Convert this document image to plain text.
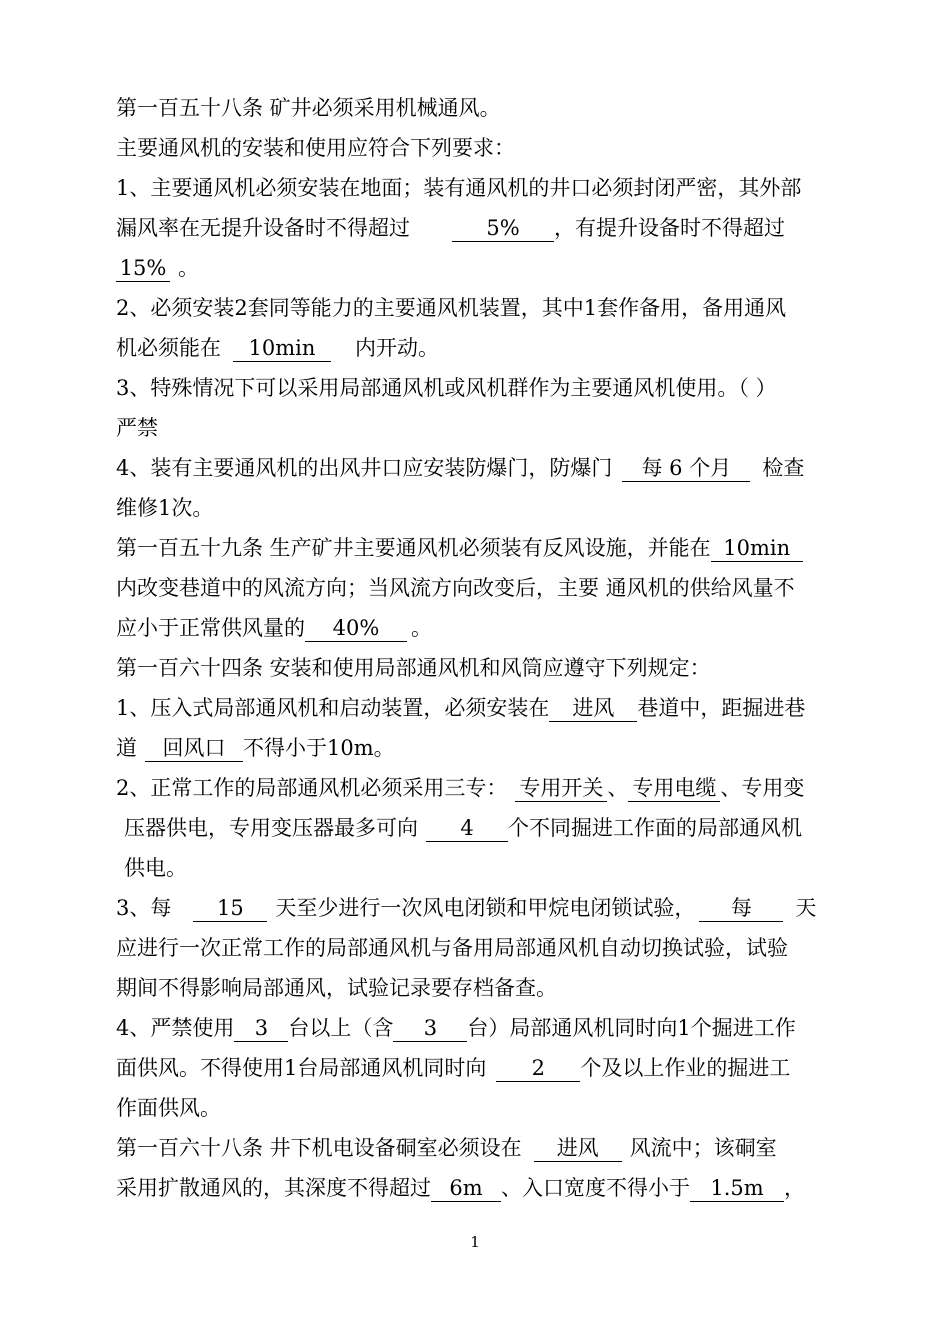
第一百五十八条 矿井必须采用机械通风。
主要通风机的安装和使用应符合下列要求：
1、主要通风机必须安装在地面；装有通风机的井口必须封闭严密，其外部
漏风率在无提升设备时不得超过	5% ，有提升设备时不得超过
15% 。
2、必须安装2套同等能力的主要通风机装置，其中1套作备用，备用通风
机必须能在 10min 内开动。
3、特殊情况下可以采用局部通风机或风机群作为主要通风机使用。（ ）
严禁
4、装有主要通风机的出风井口应安装防爆门，防爆门 每 6 个月 检查
维修1次。
第一百五十九条 生产矿井主要通风机必须装有反风设施，并能在 10min
内改变巷道中的风流方向；当风流方向改变后，主要 通风机的供给风量不
应小于正常供风量的 40% 。
第一百六十四条 安装和使用局部通风机和风筒应遵守下列规定：
1、压入式局部通风机和启动装置，必须安装在 进风 巷道中，距掘进巷
道 回风口 不得小于10m。
2、正常工作的局部通风机必须采用三专： 专用开关 、 专用电缆 、专用变
压器供电，专用变压器最多可向 4 个不同掘进工作面的局部通风机
供电。
3、每 15 天至少进行一次风电闭锁和甲烷电闭锁试验， 每 天
应进行一次正常工作的局部通风机与备用局部通风机自动切换试验，试验
期间不得影响局部通风，试验记录要存档备查。
4、严禁使用 3 台以上（含 3 台）局部通风机同时向1个掘进工作
面供风。不得使用1台局部通风机同时向 2 个及以上作业的掘进工
作面供风。
第一百六十八条 井下机电设备硐室必须设在 进风 风流中；该硐室
采用扩散通风的，其深度不得超过 6m 、入口宽度不得小于 1.5m ，
1
